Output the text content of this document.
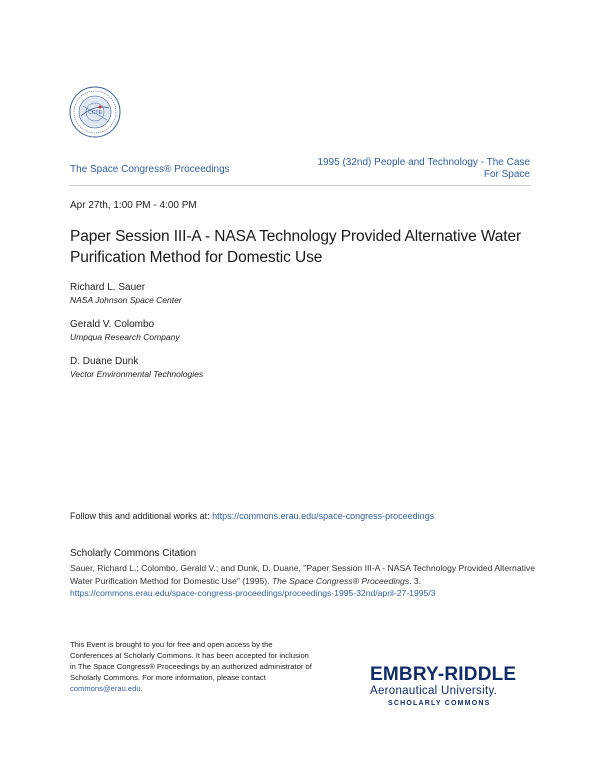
CCTE
The Space Congress® Proceedings
1995 (32nd) People and Technology - The Case For Space
Apr 27th, 1:00 PM - 4:00 PM
Paper Session III-A - NASA Technology Provided Alternative Water Purification Method for Domestic Use
Richard L. Sauer
NASA Johnson Space Center
Gerald V. Colombo
Umpqua Research Company
D. Duane Dunk
Vector Environmental Technologies
Follow this and additional works at: https://commons.erau.edu/space-congress-proceedings
Scholarly Commons Citation
Sauer, Richard L.; Colombo, Gerald V.; and Dunk, D. Duane, "Paper Session III-A - NASA Technology Provided Alternative Water Purification Method for Domestic Use" (1995). The Space Congress® Proceedings. 3.
https://commons.erau.edu/space-congress-proceedings/proceedings-1995-32nd/april-27-1995/3
This Event is brought to you for free and open access by the Conferences at Scholarly Commons. It has been accepted for inclusion in The Space Congress® Proceedings by an authorized administrator of Scholarly Commons. For more information, please contact commons@erau.edu.
EMBRY-RIDDLE
Aeronautical University.
SCHOLARLY COMMONS
